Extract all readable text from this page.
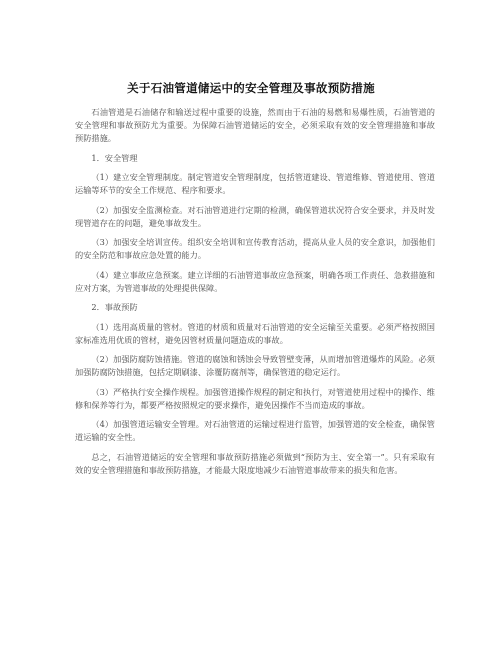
关于石油管道储运中的安全管理及事故预防措施

石油管道是石油储存和输送过程中重要的设施，然而由于石油的易燃和易爆性质，石油管道的安全管理和事故预防尤为重要。为保障石油管道储运的安全，必须采取有效的安全管理措施和事故预防措施。

1．安全管理

（1）建立安全管理制度。制定管道安全管理制度，包括管道建设、管道维修、管道使用、管道运输等环节的安全工作规范、程序和要求。

（2）加强安全监测检查。对石油管道进行定期的检测，确保管道状况符合安全要求，并及时发现管道存在的问题，避免事故发生。

（3）加强安全培训宣传。组织安全培训和宣传教育活动，提高从业人员的安全意识，加强他们的安全防范和事故应急处置的能力。

（4）建立事故应急预案。建立详细的石油管道事故应急预案，明确各项工作责任、急救措施和应对方案，为管道事故的处理提供保障。

2．事故预防

（1）选用高质量的管材。管道的材质和质量对石油管道的安全运输至关重要。必须严格按照国家标准选用优质的管材，避免因管材质量问题造成的事故。

（2）加强防腐防蚀措施。管道的腐蚀和锈蚀会导致管壁变薄，从而增加管道爆炸的风险。必须加强防腐防蚀措施，包括定期刷漆、涂覆防腐剂等，确保管道的稳定运行。

（3）严格执行安全操作规程。加强管道操作规程的制定和执行，对管道使用过程中的操作、维修和保养等行为，都要严格按照规定的要求操作，避免因操作不当而造成的事故。

（4）加强管道运输安全管理。对石油管道的运输过程进行监管，加强管道的安全检查，确保管道运输的安全性。

总之，石油管道储运的安全管理和事故预防措施必须做到“预防为主、安全第一”。只有采取有效的安全管理措施和事故预防措施，才能最大限度地减少石油管道事故带来的损失和危害。
